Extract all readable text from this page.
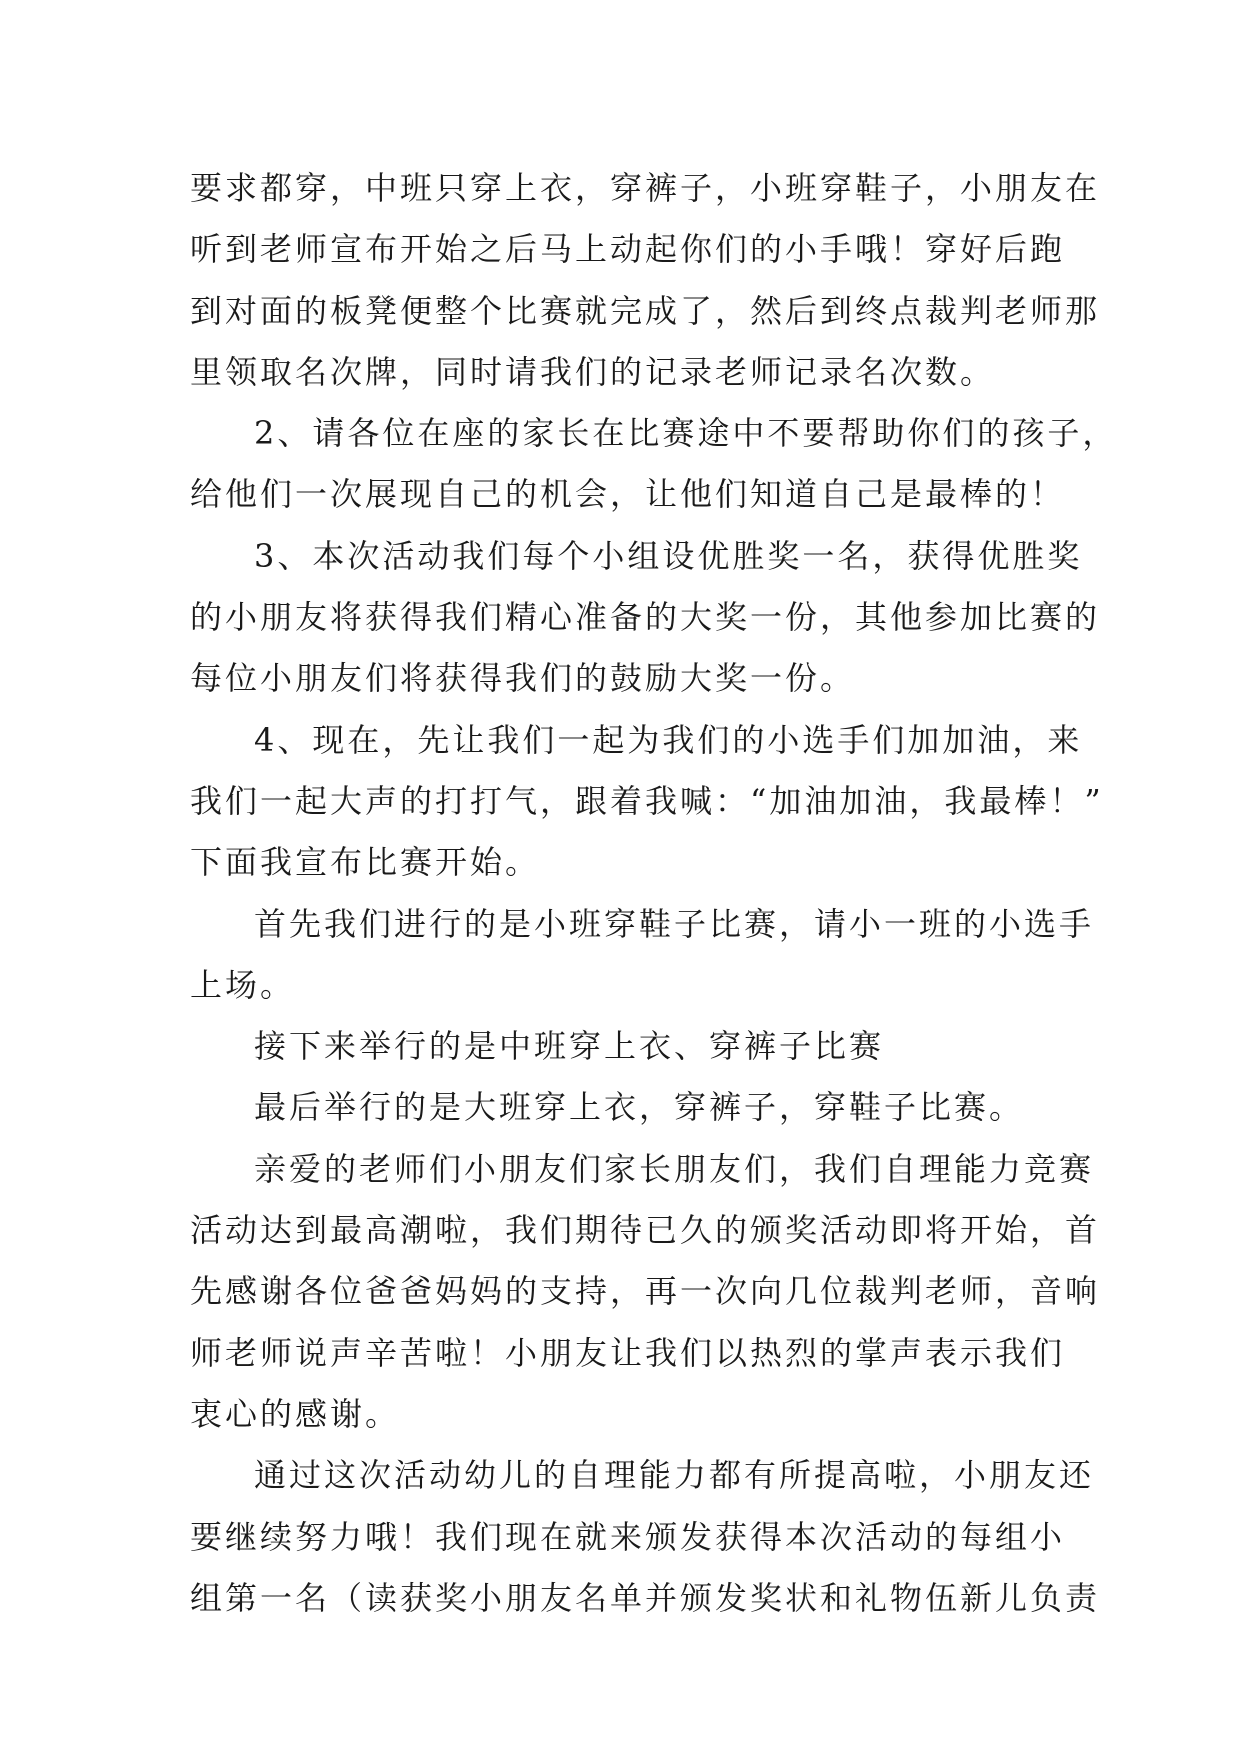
要求都穿，中班只穿上衣，穿裤子，小班穿鞋子，小朋友在
听到老师宣布开始之后马上动起你们的小手哦！穿好后跑
到对面的板凳便整个比赛就完成了，然后到终点裁判老师那
里领取名次牌，同时请我们的记录老师记录名次数。
2、请各位在座的家长在比赛途中不要帮助你们的孩子，
给他们一次展现自己的机会，让他们知道自己是最棒的！
3、本次活动我们每个小组设优胜奖一名，获得优胜奖
的小朋友将获得我们精心准备的大奖一份，其他参加比赛的
每位小朋友们将获得我们的鼓励大奖一份。
4、现在，先让我们一起为我们的小选手们加加油，来
我们一起大声的打打气，跟着我喊：“加油加油，我最棒！”
下面我宣布比赛开始。
首先我们进行的是小班穿鞋子比赛，请小一班的小选手
上场。
接下来举行的是中班穿上衣、穿裤子比赛
最后举行的是大班穿上衣，穿裤子，穿鞋子比赛。
亲爱的老师们小朋友们家长朋友们，我们自理能力竞赛
活动达到最高潮啦，我们期待已久的颁奖活动即将开始，首
先感谢各位爸爸妈妈的支持，再一次向几位裁判老师，音响
师老师说声辛苦啦！小朋友让我们以热烈的掌声表示我们
衷心的感谢。
通过这次活动幼儿的自理能力都有所提高啦，小朋友还
要继续努力哦！我们现在就来颁发获得本次活动的每组小
组第一名（读获奖小朋友名单并颁发奖状和礼物伍新儿负责
